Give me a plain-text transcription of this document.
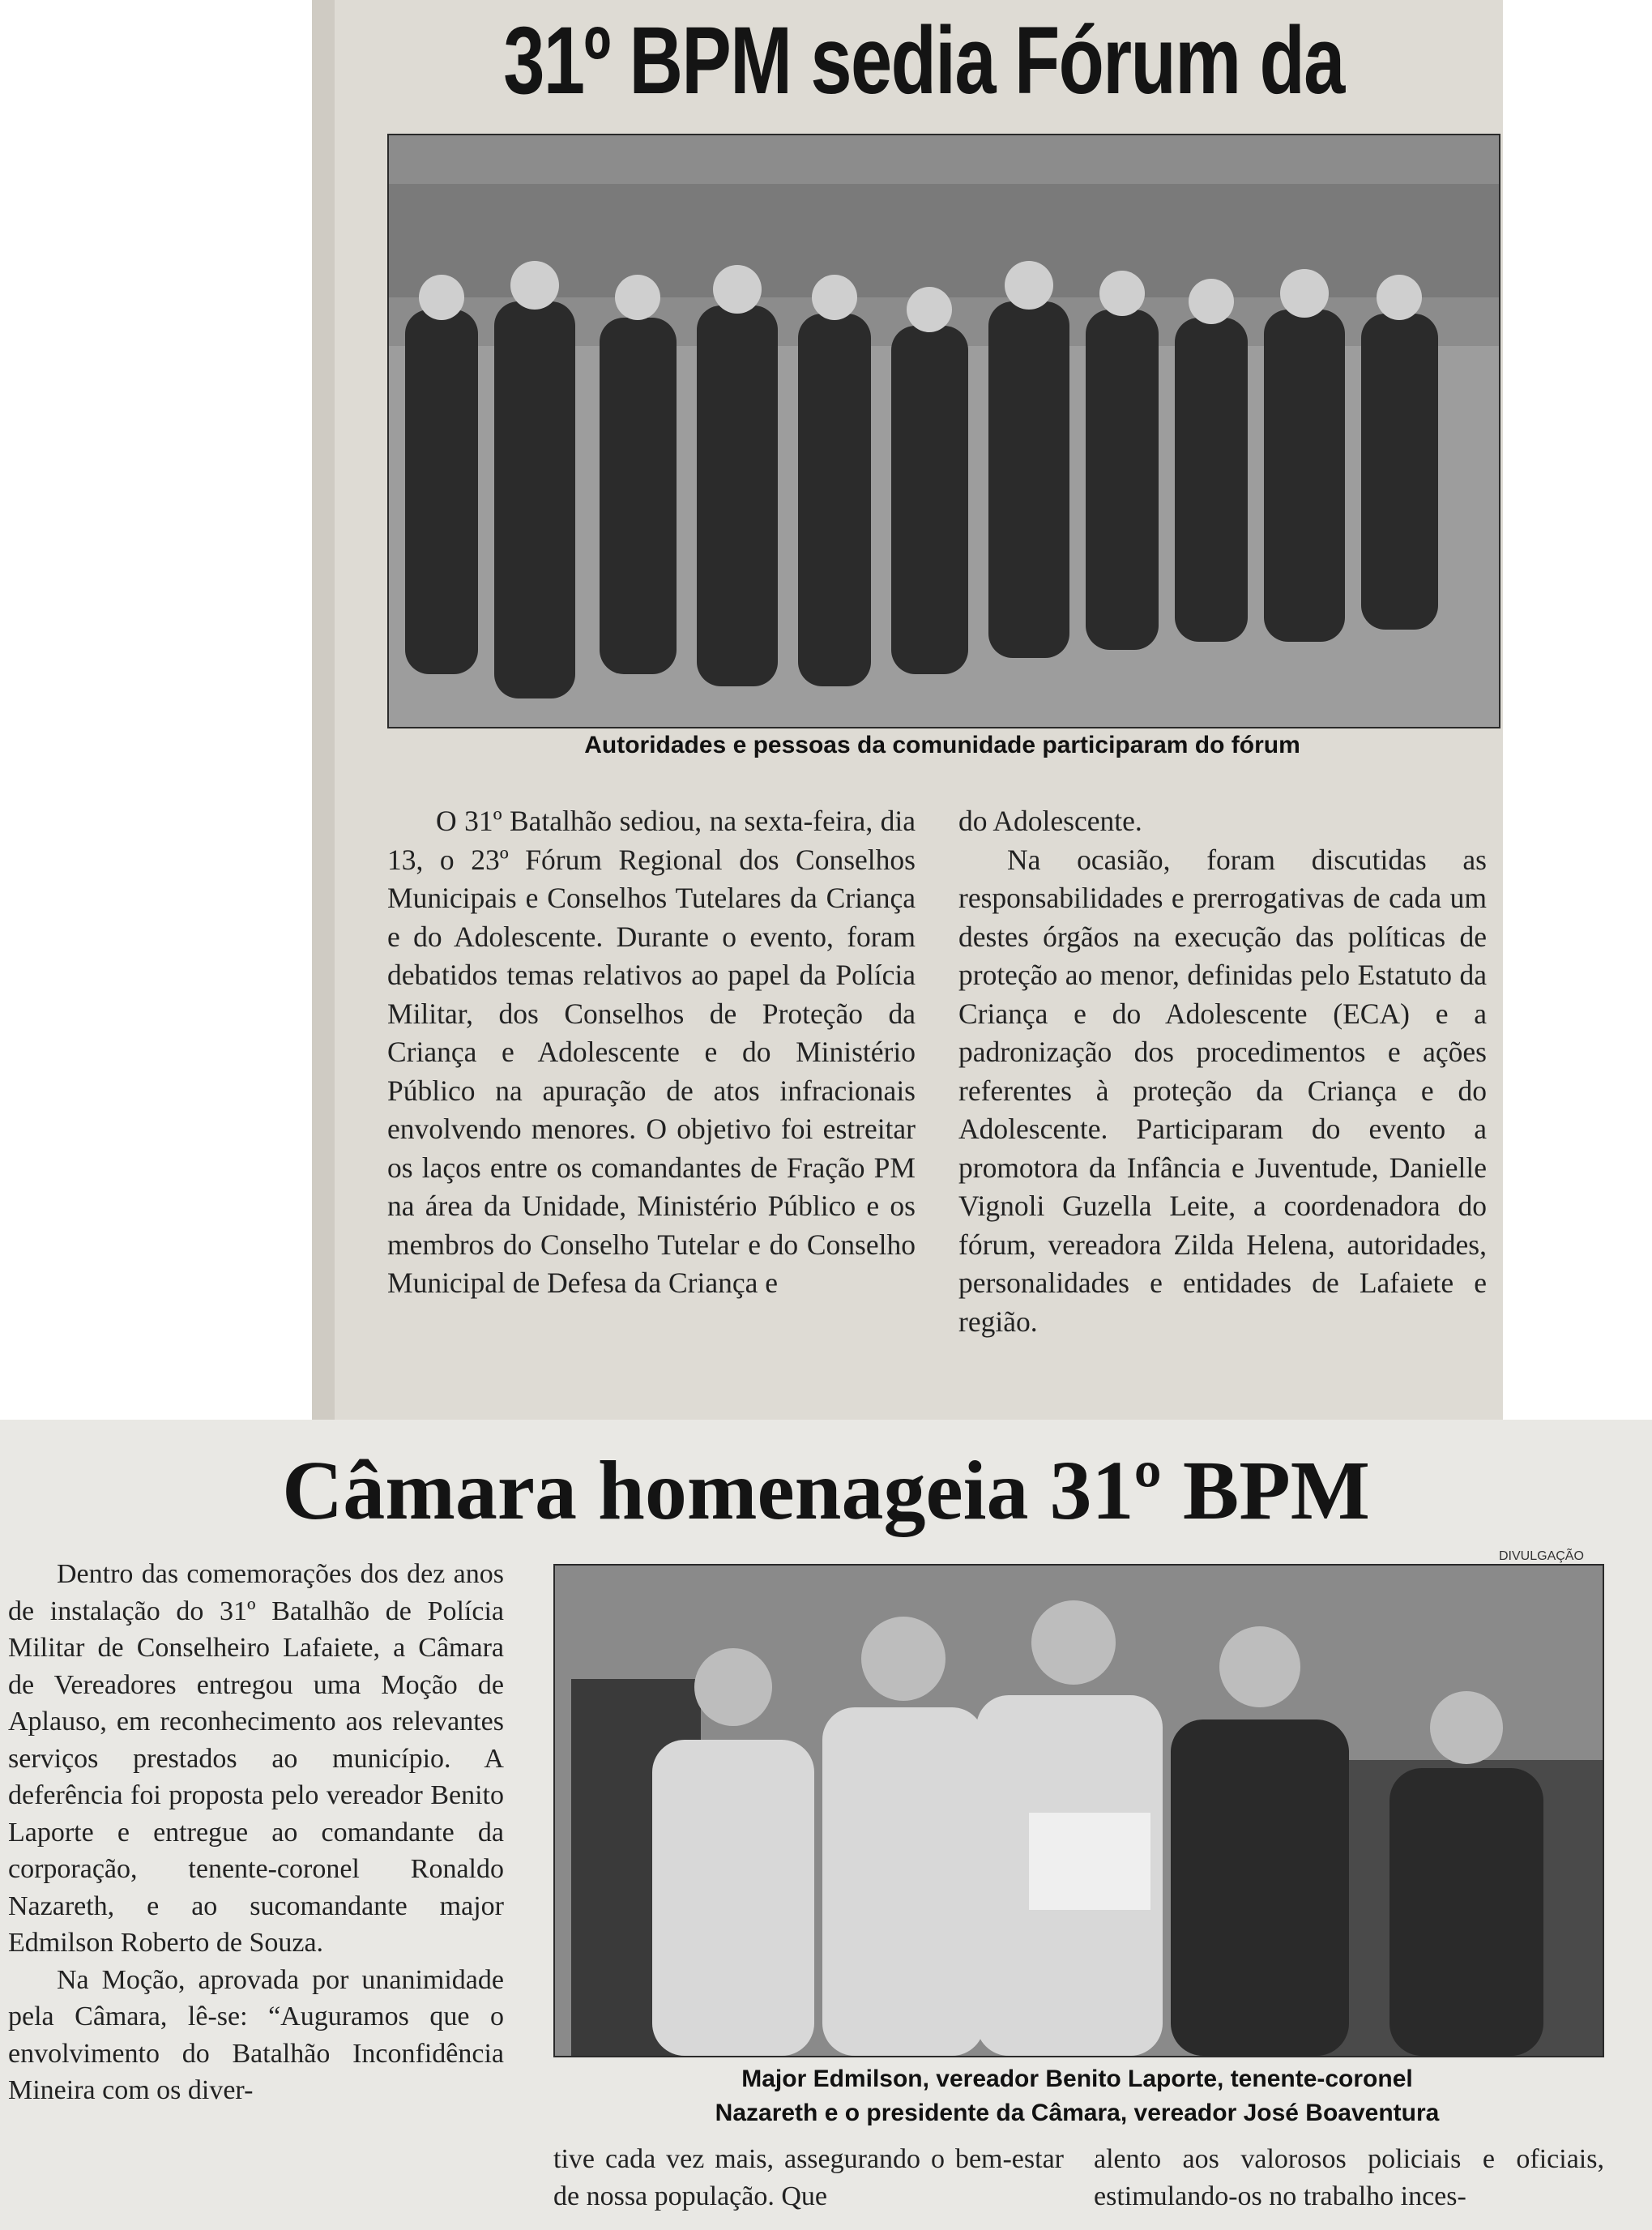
31º BPM sedia Fórum da
Autoridades e pessoas da comunidade participaram do fórum

O 31º Batalhão sediou, na sexta-feira, dia 13, o 23º Fórum Regional dos Conselhos Municipais e Conselhos Tutelares da Criança e do Adolescente. Durante o evento, foram debatidos temas relativos ao papel da Polícia Militar, dos Conselhos de Proteção da Criança e Adolescente e do Ministério Público na apuração de atos infracionais envolvendo menores. O objetivo foi estreitar os laços entre os comandantes de Fração PM na área da Unidade, Ministério Público e os membros do Conselho Tutelar e do Conselho Municipal de Defesa da Criança e

do Adolescente.

Na ocasião, foram discutidas as responsabilidades e prerrogativas de cada um destes órgãos na execução das políticas de proteção ao menor, definidas pelo Estatuto da Criança e do Adolescente (ECA) e a padronização dos procedimentos e ações referentes à proteção da Criança e do Adolescente. Participaram do evento a promotora da Infância e Juventude, Danielle Vignoli Guzella Leite, a coordenadora do fórum, vereadora Zilda Helena, autoridades, personalidades e entidades de Lafaiete e região.

Câmara homenageia 31º BPM
DIVULGAÇÃO
Major Edmilson, vereador Benito Laporte, tenente-coronel
Nazareth e o presidente da Câmara, vereador José Boaventura

Dentro das comemorações dos dez anos de instalação do 31º Batalhão de Polícia Militar de Conselheiro Lafaiete, a Câmara de Vereadores entregou uma Moção de Aplauso, em reconhecimento aos relevantes serviços prestados ao município. A deferência foi proposta pelo vereador Benito Laporte e entregue ao comandante da corporação, tenente-coronel Ronaldo Nazareth, e ao sucomandante major Edmilson Roberto de Souza.

Na Moção, aprovada por unanimidade pela Câmara, lê-se: “Auguramos que o envolvimento do Batalhão Inconfidência Mineira com os diver-

tive cada vez mais, assegurando o bem-estar de nossa população. Que

alento aos valorosos policiais e oficiais, estimulando-os no trabalho inces-
